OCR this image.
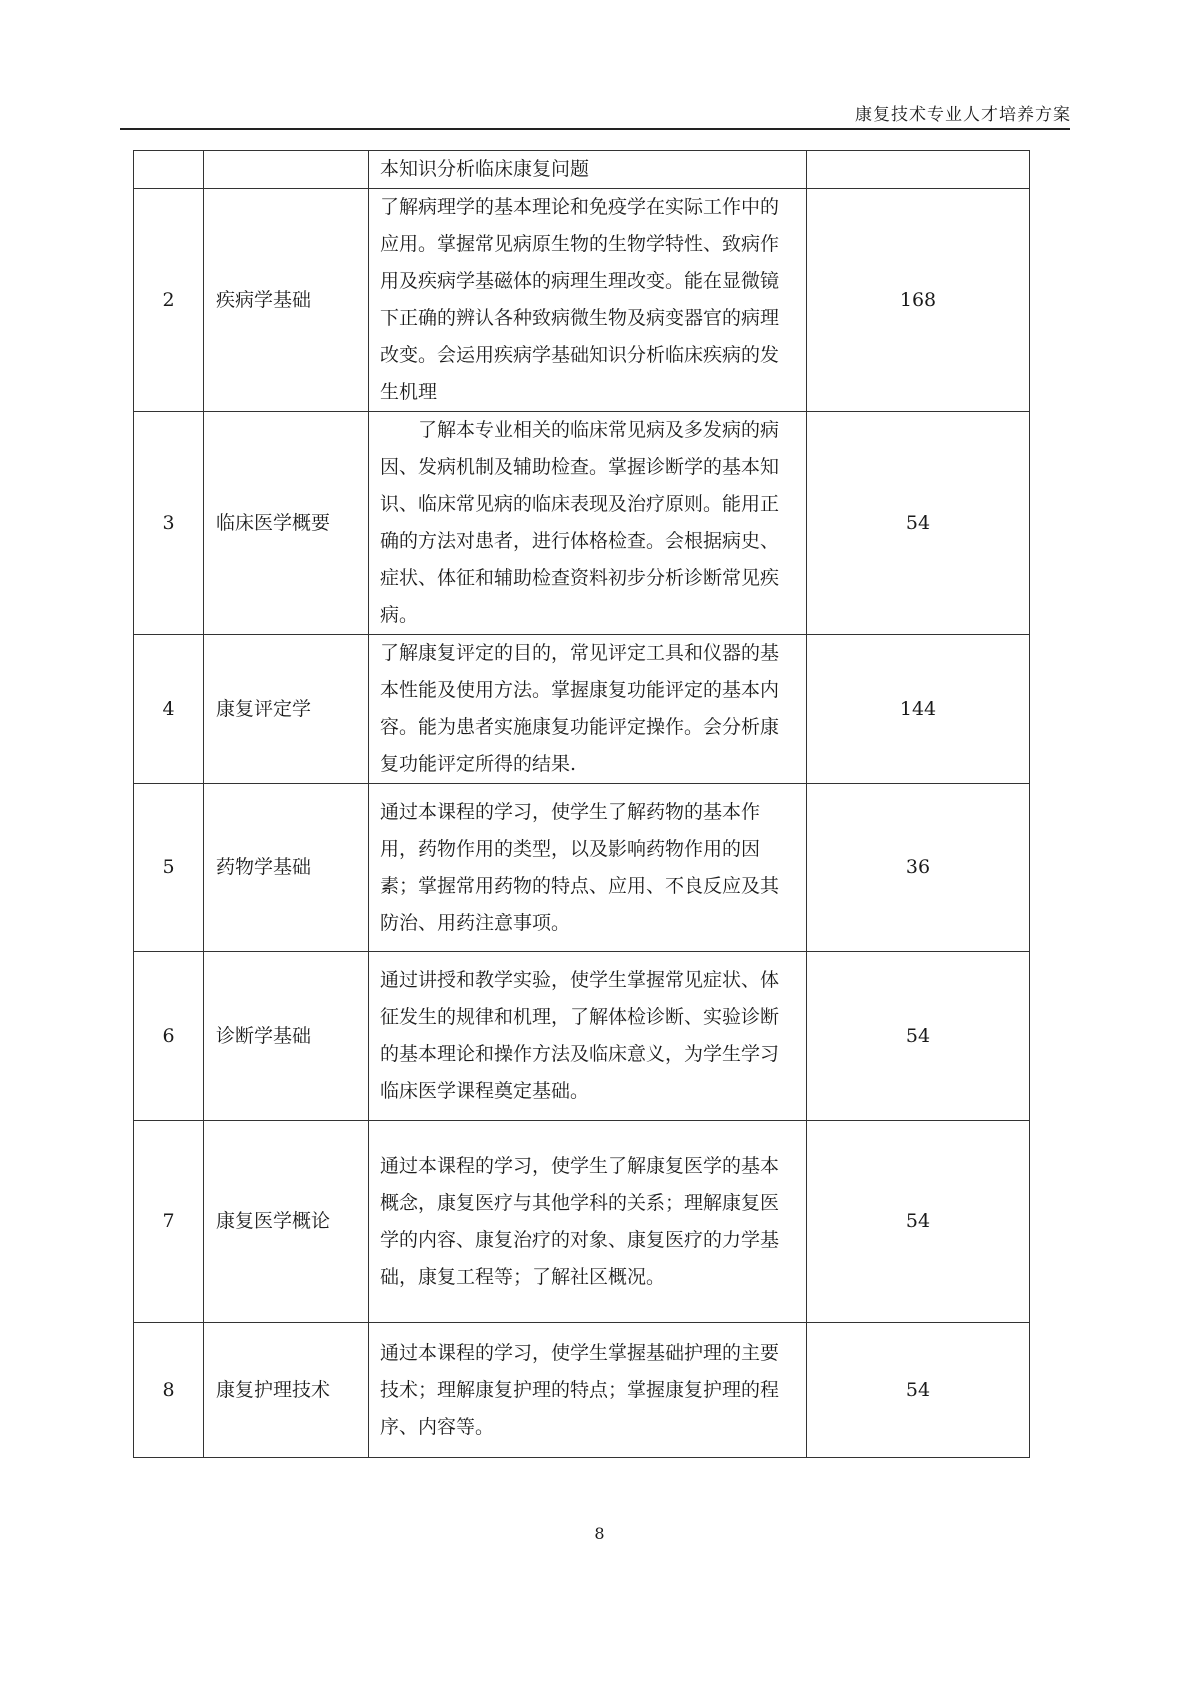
康复技术专业人才培养方案
		本知识分析临床康复问题	
2	疾病学基础	了解病理学的基本理论和免疫学在实际工作中的应用。掌握常见病原生物的生物学特性、致病作用及疾病学基磁体的病理生理改变。能在显微镜下正确的辨认各种致病微生物及病变器官的病理改变。会运用疾病学基础知识分析临床疾病的发生机理	168
3	临床医学概要	了解本专业相关的临床常见病及多发病的病因、发病机制及辅助检查。掌握诊断学的基本知识、临床常见病的临床表现及治疗原则。能用正确的方法对患者，进行体格检查。会根据病史、症状、体征和辅助检查资料初步分析诊断常见疾病。	54
4	康复评定学	了解康复评定的目的，常见评定工具和仪器的基本性能及使用方法。掌握康复功能评定的基本内容。能为患者实施康复功能评定操作。会分析康复功能评定所得的结果.	144
5	药物学基础	通过本课程的学习，使学生了解药物的基本作用，药物作用的类型，以及影响药物作用的因素；掌握常用药物的特点、应用、不良反应及其防治、用药注意事项。	36
6	诊断学基础	通过讲授和教学实验，使学生掌握常见症状、体征发生的规律和机理，了解体检诊断、实验诊断的基本理论和操作方法及临床意义，为学生学习临床医学课程奠定基础。	54
7	康复医学概论	通过本课程的学习，使学生了解康复医学的基本概念，康复医疗与其他学科的关系；理解康复医学的内容、康复治疗的对象、康复医疗的力学基础，康复工程等；了解社区概况。	54
8	康复护理技术	通过本课程的学习，使学生掌握基础护理的主要技术；理解康复护理的特点；掌握康复护理的程序、内容等。	54
8
